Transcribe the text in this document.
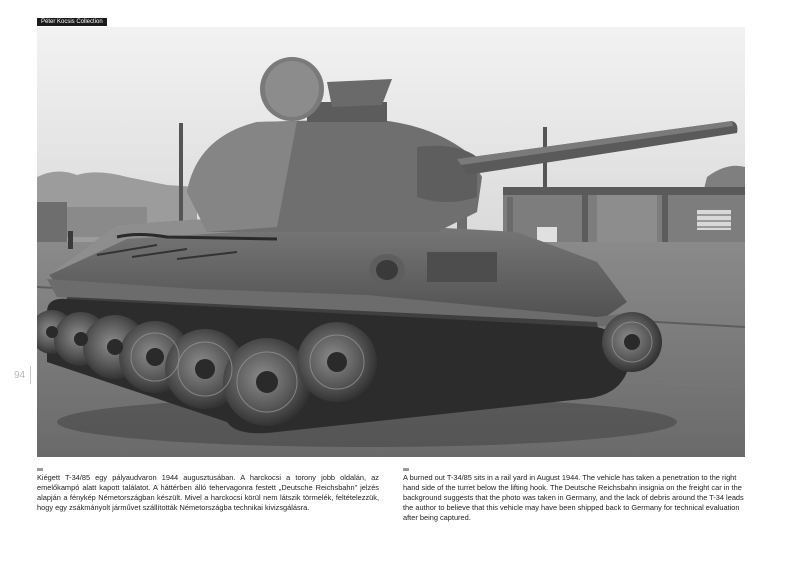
Péter Kocsis Collection
94
Kiégett T-34/85 egy pályaudvaron 1944 augusztusában. A harckocsi a torony jobb oldalán, az emelőkampó alatt kapott találatot. A háttérben álló tehervagonra festett „Deutsche Reichsbahn” jelzés alapján a fénykép Németországban készült. Mivel a harckocsi körül nem látszik törmelék, feltételezzük, hogy egy zsákmányolt járművet szállították Németországba technikai kivizsgálásra.
A burned out T-34/85 sits in a rail yard in August 1944. The vehicle has taken a penetration to the right hand side of the turret below the lifting hook. The Deutsche Reichsbahn insignia on the freight car in the background suggests that the photo was taken in Germany, and the lack of debris around the T-34 leads the author to believe that this vehicle may have been shipped back to Germany for technical evaluation after being captured.
